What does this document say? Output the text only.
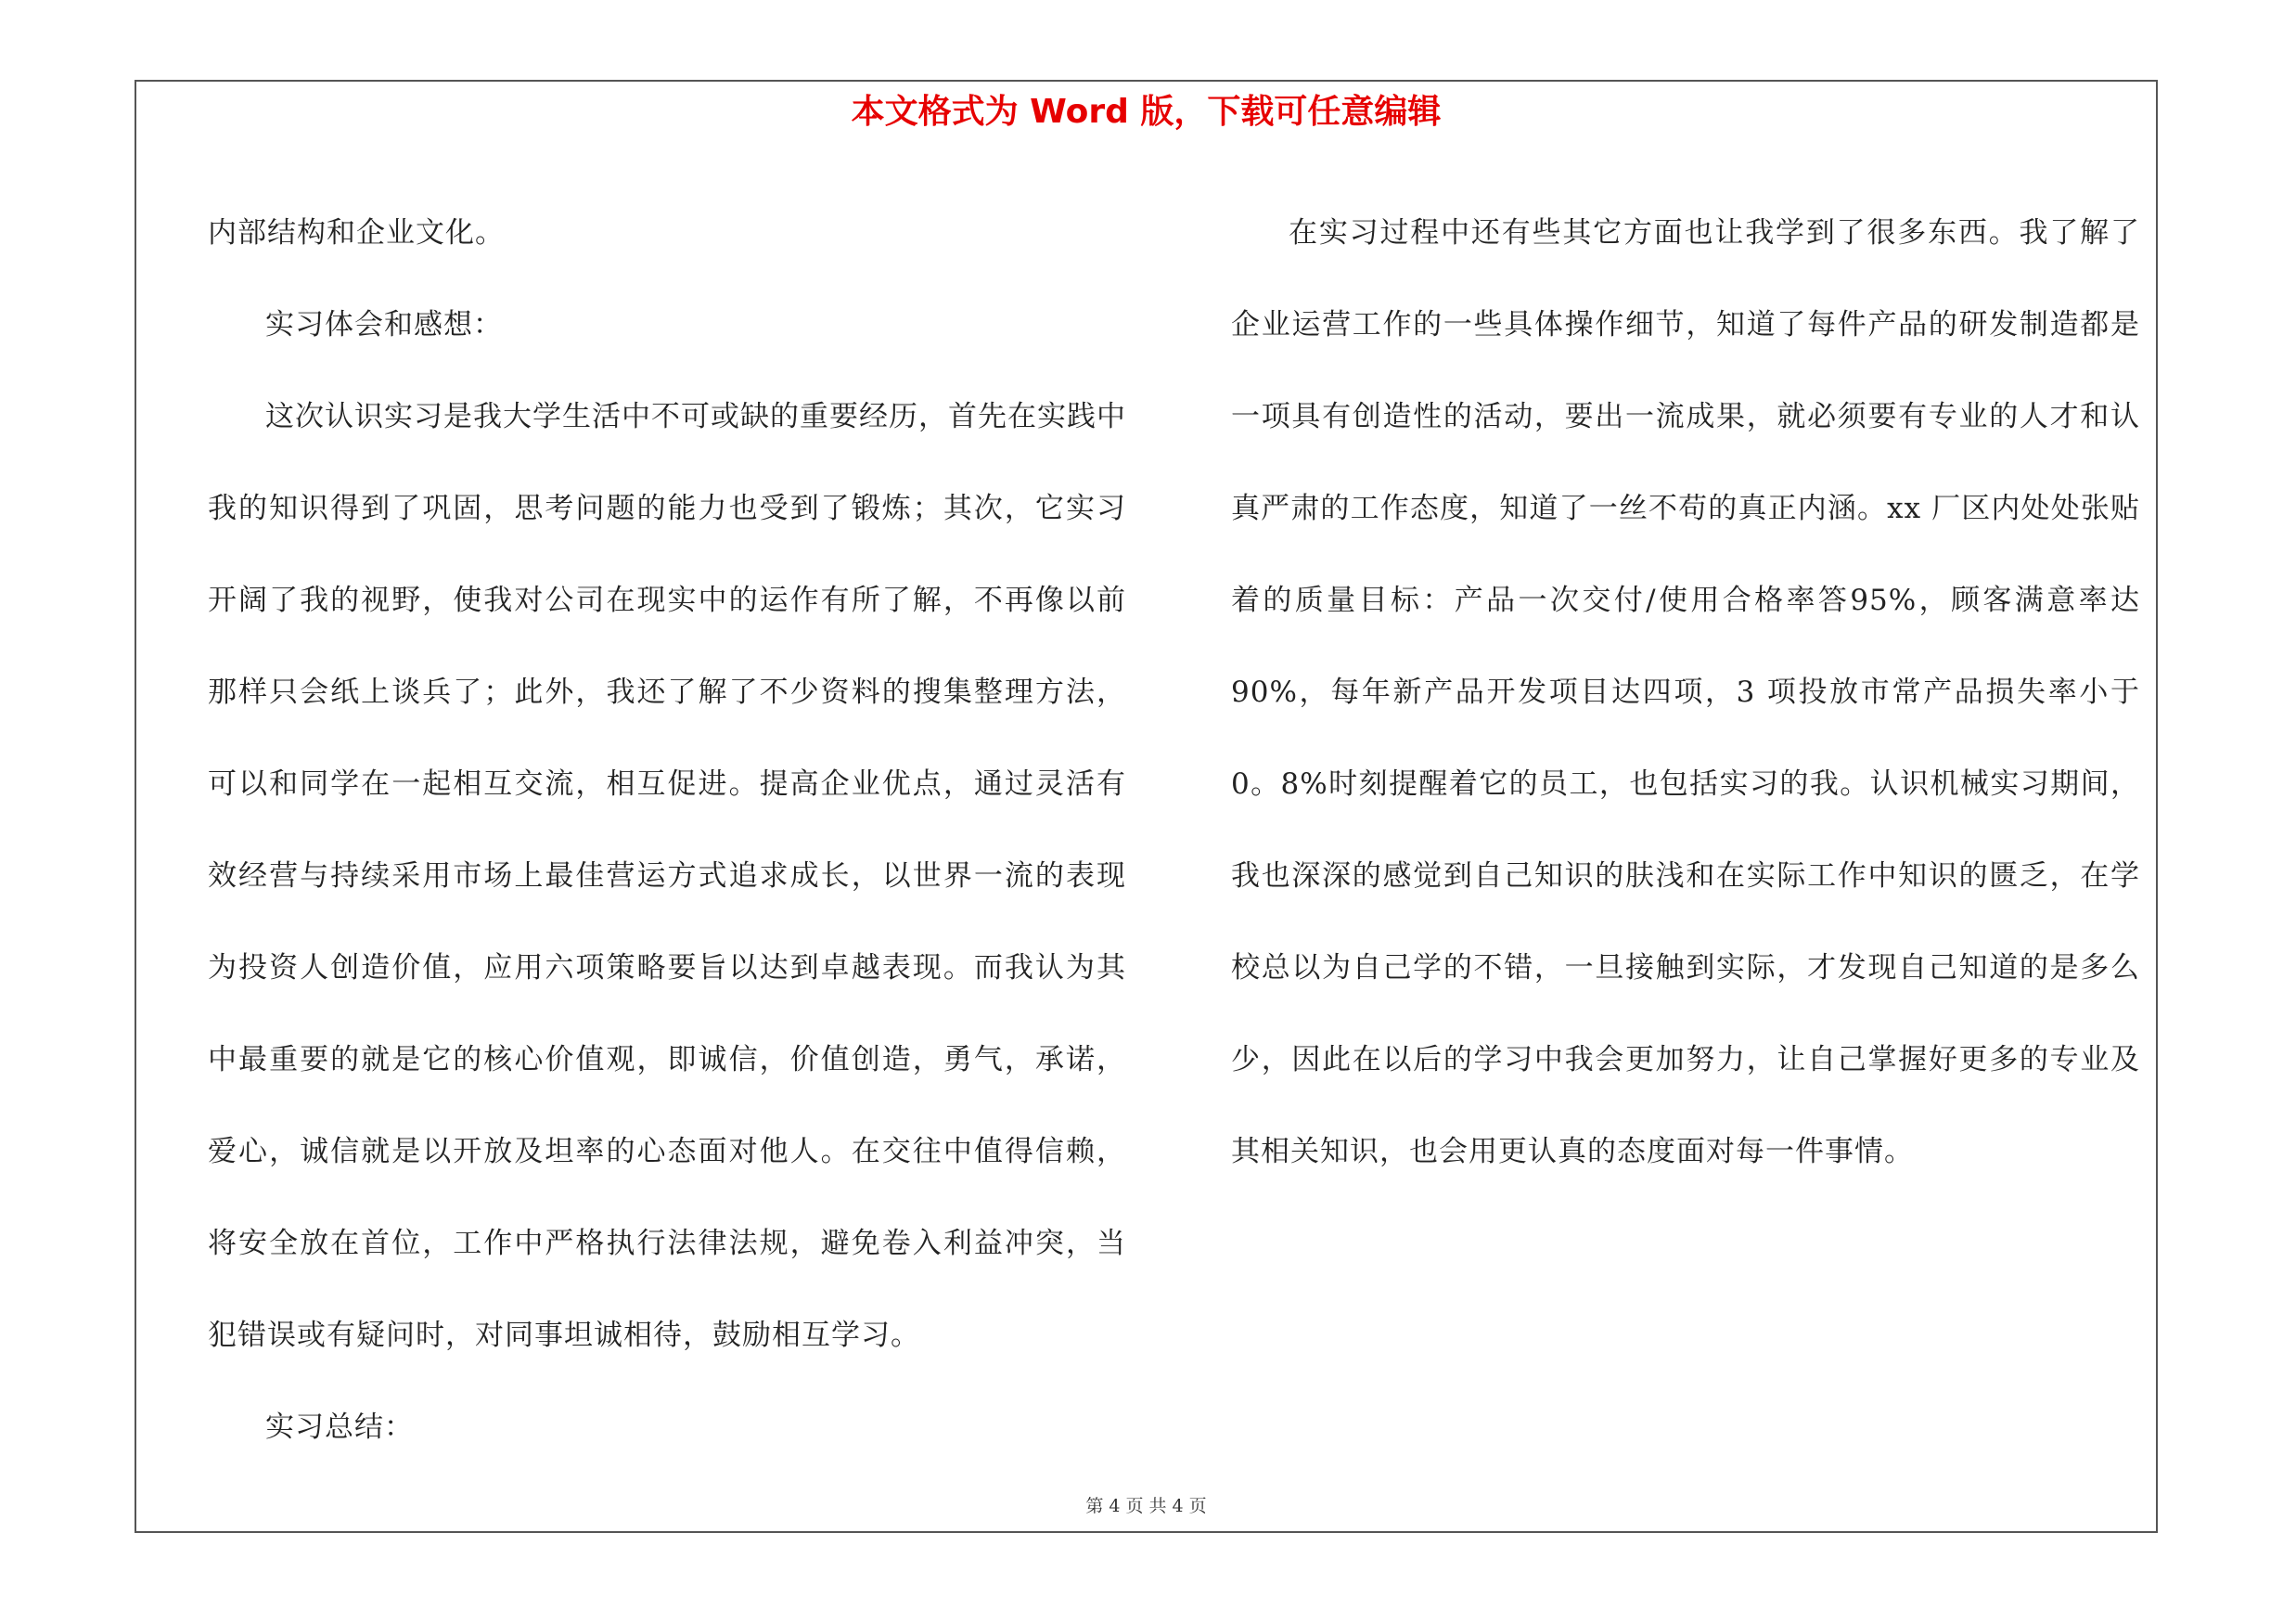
本文格式为 Word 版，下载可任意编辑

内部结构和企业文化。

实习体会和感想：

这次认识实习是我大学生活中不可或缺的重要经历，首先在实践中我的知识得到了巩固，思考问题的能力也受到了锻炼；其次，它实习开阔了我的视野，使我对公司在现实中的运作有所了解，不再像以前那样只会纸上谈兵了；此外，我还了解了不少资料的搜集整理方法，可以和同学在一起相互交流，相互促进。提高企业优点，通过灵活有效经营与持续采用市场上最佳营运方式追求成长，以世界一流的表现为投资人创造价值，应用六项策略要旨以达到卓越表现。而我认为其中最重要的就是它的核心价值观，即诚信，价值创造，勇气，承诺，爱心，诚信就是以开放及坦率的心态面对他人。在交往中值得信赖，将安全放在首位，工作中严格执行法律法规，避免卷入利益冲突，当犯错误或有疑问时，对同事坦诚相待，鼓励相互学习。

实习总结：

在实习过程中还有些其它方面也让我学到了很多东西。我了解了企业运营工作的一些具体操作细节，知道了每件产品的研发制造都是一项具有创造性的活动，要出一流成果，就必须要有专业的人才和认真严肃的工作态度，知道了一丝不苟的真正内涵。xx 厂区内处处张贴着的质量目标：产品一次交付/使用合格率答95%，顾客满意率达90%，每年新产品开发项目达四项，3 项投放市常产品损失率小于 0。8%时刻提醒着它的员工，也包括实习的我。认识机械实习期间，我也深深的感觉到自己知识的肤浅和在实际工作中知识的匮乏，在学校总以为自己学的不错，一旦接触到实际，才发现自己知道的是多么少，因此在以后的学习中我会更加努力，让自己掌握好更多的专业及其相关知识，也会用更认真的态度面对每一件事情。

第 4 页 共 4 页
